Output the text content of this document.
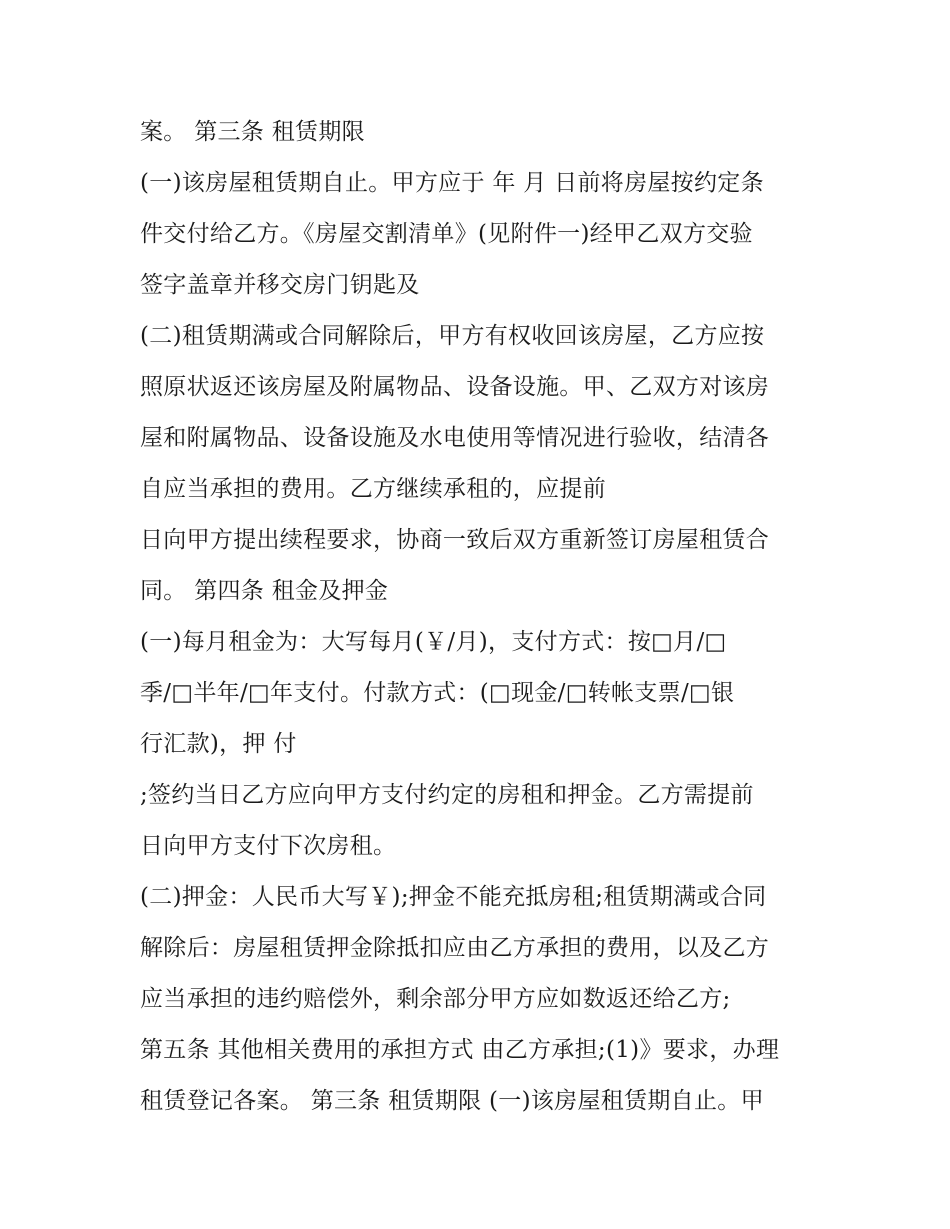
案。 第三条 租赁期限
(一)该房屋租赁期自止。甲方应于 年 月 日前将房屋按约定条
件交付给乙方。《房屋交割清单》(见附件一)经甲乙双方交验
签字盖章并移交房门钥匙及
(二)租赁期满或合同解除后，甲方有权收回该房屋，乙方应按
照原状返还该房屋及附属物品、设备设施。甲、乙双方对该房
屋和附属物品、设备设施及水电使用等情况进行验收，结清各
自应当承担的费用。乙方继续承租的，应提前
日向甲方提出续程要求，协商一致后双方重新签订房屋租赁合
同。 第四条 租金及押金
(一)每月租金为：大写每月(￥/月)，支付方式：按□月/□
季/□半年/□年支付。付款方式：(□现金/□转帐支票/□银
行汇款)，押 付
;签约当日乙方应向甲方支付约定的房租和押金。乙方需提前
日向甲方支付下次房租。
(二)押金：人民币大写￥);押金不能充抵房租;租赁期满或合同
解除后：房屋租赁押金除抵扣应由乙方承担的费用，以及乙方
应当承担的违约赔偿外，剩余部分甲方应如数返还给乙方;
第五条 其他相关费用的承担方式 由乙方承担;(1)》要求，办理
租赁登记各案。 第三条 租赁期限 (一)该房屋租赁期自止。甲
